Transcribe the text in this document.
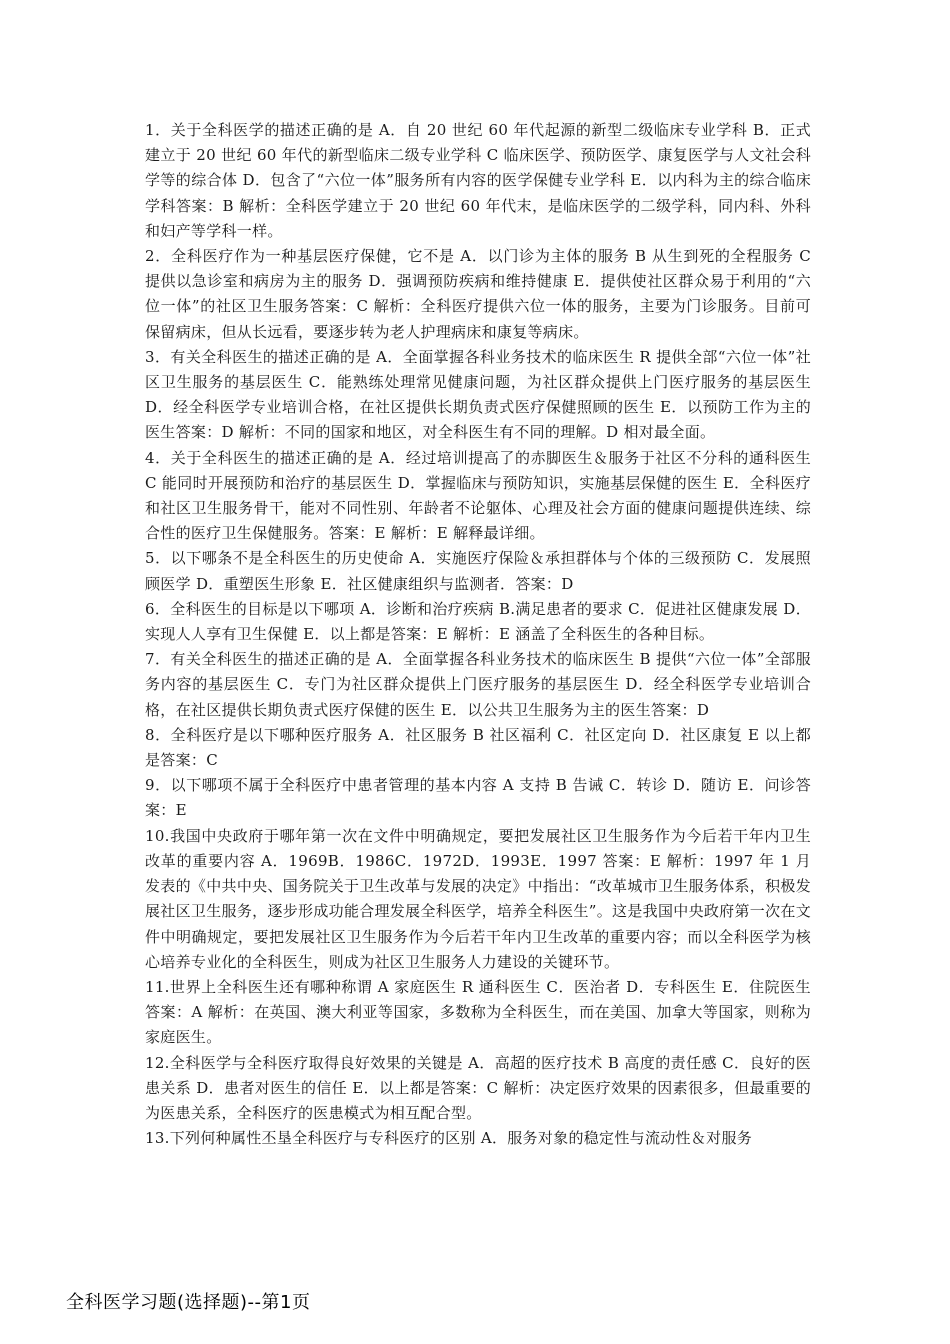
1．关于全科医学的描述正确的是 A．自 20 世纪 60 年代起源的新型二级临床专业学科 B．正式建立于 20 世纪 60 年代的新型临床二级专业学科 C 临床医学、预防医学、康复医学与人文社会科学等的综合体 D．包含了“六位一体”服务所有内容的医学保健专业学科 E．以内科为主的综合临床学科答案：B 解析：全科医学建立于 20 世纪 60 年代末，是临床医学的二级学科，同内科、外科和妇产等学科一样。

2．全科医疗作为一种基层医疗保健，它不是 A．以门诊为主体的服务 B 从生到死的全程服务 C 提供以急诊室和病房为主的服务 D．强调预防疾病和维持健康 E．提供使社区群众易于利用的“六位一体”的社区卫生服务答案：C 解析：全科医疗提供六位一体的服务，主要为门诊服务。目前可保留病床，但从长远看，要逐步转为老人护理病床和康复等病床。

3．有关全科医生的描述正确的是 A．全面掌握各科业务技术的临床医生 R 提供全部“六位一体”社区卫生服务的基层医生 C．能熟练处理常见健康问题，为社区群众提供上门医疗服务的基层医生 D．经全科医学专业培训合格，在社区提供长期负责式医疗保健照顾的医生 E．以预防工作为主的医生答案：D 解析：不同的国家和地区，对全科医生有不同的理解。D 相对最全面。

4．关于全科医生的描述正确的是 A．经过培训提高了的赤脚医生＆服务于社区不分科的通科医生 C 能同时开展预防和治疗的基层医生 D．掌握临床与预防知识，实施基层保健的医生 E．全科医疗和社区卫生服务骨干，能对不同性别、年龄者不论躯体、心理及社会方面的健康问题提供连续、综合性的医疗卫生保健服务。答案：E 解析：E 解释最详细。

5．以下哪条不是全科医生的历史使命 A．实施医疗保险＆承担群体与个体的三级预防 C．发展照顾医学 D．重塑医生形象 E．社区健康组织与监测者．答案：D

6．全科医生的目标是以下哪项 A．诊断和治疗疾病 B.满足患者的要求 C．促进社区健康发展 D．实现人人享有卫生保健 E．以上都是答案：E 解析：E 涵盖了全科医生的各种目标。

7．有关全科医生的描述正确的是 A．全面掌握各科业务技术的临床医生 B 提供“六位一体”全部服务内容的基层医生 C．专门为社区群众提供上门医疗服务的基层医生 D．经全科医学专业培训合格，在社区提供长期负责式医疗保健的医生 E．以公共卫生服务为主的医生答案：D

8．全科医疗是以下哪种医疗服务 A．社区服务 B 社区福利 C．社区定向 D．社区康复 E 以上都是答案：C

9．以下哪项不属于全科医疗中患者管理的基本内容 A 支持 B 告诫 C．转诊 D．随访 E．问诊答案：E

10.我国中央政府于哪年第一次在文件中明确规定，要把发展社区卫生服务作为今后若干年内卫生改革的重要内容 A．1969B．1986C．1972D．1993E．1997 答案：E 解析：1997 年 1 月发表的《中共中央、国务院关于卫生改革与发展的决定》中指出：“改革城市卫生服务体系，积极发展社区卫生服务，逐步形成功能合理发展全科医学，培养全科医生”。这是我国中央政府第一次在文件中明确规定，要把发展社区卫生服务作为今后若干年内卫生改革的重要内容；而以全科医学为核心培养专业化的全科医生，则成为社区卫生服务人力建设的关键环节。

11.世界上全科医生还有哪种称谓 A 家庭医生 R 通科医生 C．医治者 D．专科医生 E．住院医生答案：A 解析：在英国、澳大利亚等国家，多数称为全科医生，而在美国、加拿大等国家，则称为家庭医生。

12.全科医学与全科医疗取得良好效果的关键是 A．高超的医疗技术 B 高度的责任感 C．良好的医患关系 D．患者对医生的信任 E．以上都是答案：C 解析：决定医疗效果的因素很多，但最重要的为医患关系，全科医疗的医患模式为相互配合型。

13.下列何种属性丕垦全科医疗与专科医疗的区别 A．服务对象的稳定性与流动性＆对服务

全科医学习题(选择题)--第1页
